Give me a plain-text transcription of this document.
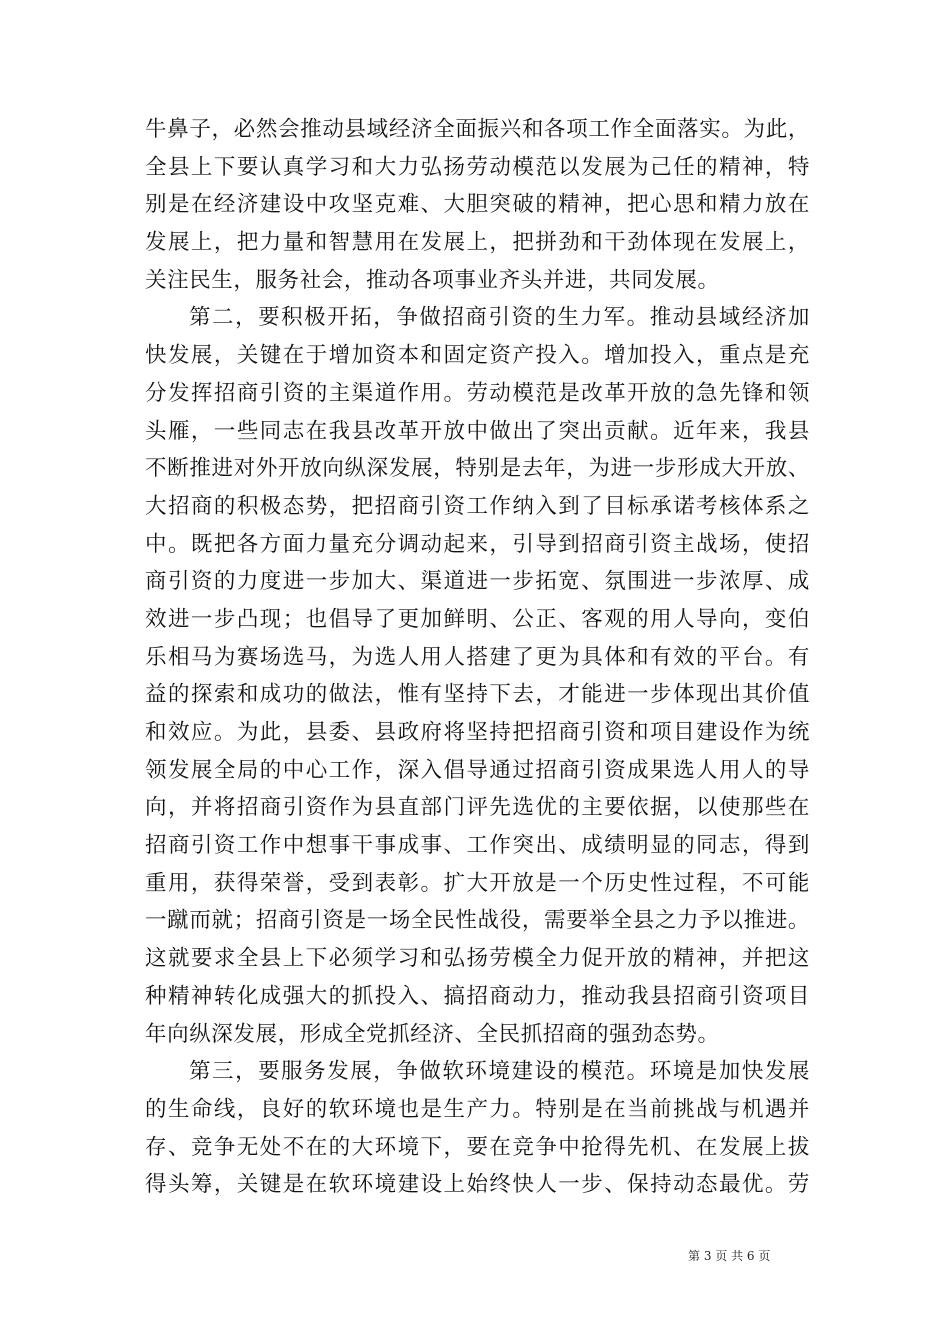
牛鼻子，必然会推动县域经济全面振兴和各项工作全面落实。为此，
全县上下要认真学习和大力弘扬劳动模范以发展为己任的精神，特
别是在经济建设中攻坚克难、大胆突破的精神，把心思和精力放在
发展上，把力量和智慧用在发展上，把拼劲和干劲体现在发展上，
关注民生，服务社会，推动各项事业齐头并进，共同发展。
第二，要积极开拓，争做招商引资的生力军。推动县域经济加
快发展，关键在于增加资本和固定资产投入。增加投入，重点是充
分发挥招商引资的主渠道作用。劳动模范是改革开放的急先锋和领
头雁，一些同志在我县改革开放中做出了突出贡献。近年来，我县
不断推进对外开放向纵深发展，特别是去年，为进一步形成大开放、
大招商的积极态势，把招商引资工作纳入到了目标承诺考核体系之
中。既把各方面力量充分调动起来，引导到招商引资主战场，使招
商引资的力度进一步加大、渠道进一步拓宽、氛围进一步浓厚、成
效进一步凸现；也倡导了更加鲜明、公正、客观的用人导向，变伯
乐相马为赛场选马，为选人用人搭建了更为具体和有效的平台。有
益的探索和成功的做法，惟有坚持下去，才能进一步体现出其价值
和效应。为此，县委、县政府将坚持把招商引资和项目建设作为统
领发展全局的中心工作，深入倡导通过招商引资成果选人用人的导
向，并将招商引资作为县直部门评先选优的主要依据，以使那些在
招商引资工作中想事干事成事、工作突出、成绩明显的同志，得到
重用，获得荣誉，受到表彰。扩大开放是一个历史性过程，不可能
一蹴而就；招商引资是一场全民性战役，需要举全县之力予以推进。
这就要求全县上下必须学习和弘扬劳模全力促开放的精神，并把这
种精神转化成强大的抓投入、搞招商动力，推动我县招商引资项目
年向纵深发展，形成全党抓经济、全民抓招商的强劲态势。
第三，要服务发展，争做软环境建设的模范。环境是加快发展
的生命线，良好的软环境也是生产力。特别是在当前挑战与机遇并
存、竞争无处不在的大环境下，要在竞争中抢得先机、在发展上拔
得头筹，关键是在软环境建设上始终快人一步、保持动态最优。劳
第 3 页 共 6 页
